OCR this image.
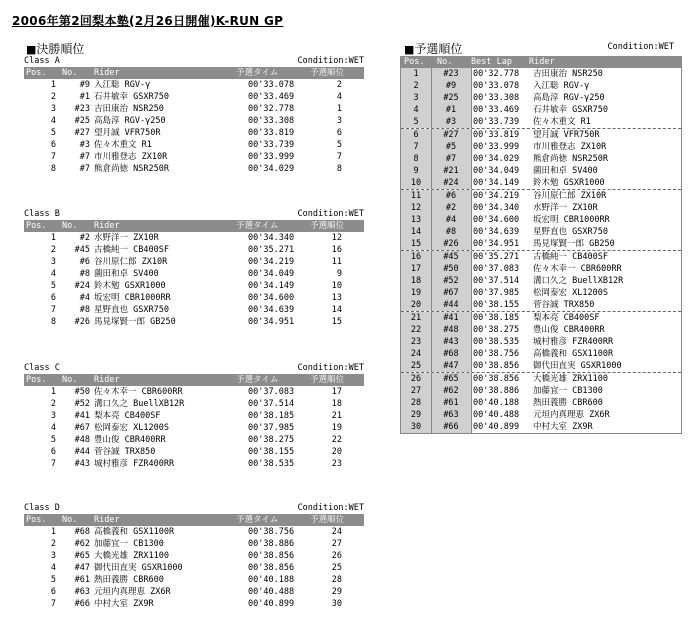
2006年第2回梨本塾(2月26日開催)K-RUN GP
■決勝順位	■予選順位	Condition:WET
Class A	Condition:WET
Pos.	No.	Rider	予選タイム	予選順位
1	#9 入江聡 RGV-γ	00'33.078	2
2	#1 石井敏幸 GSXR750	00'33.469	4
3	#23 吉田康治 NSR250	00'32.778	1
4	#25 高島淳 RGV-γ250	00'33.308	3
5	#27 望月誠 VFR750R	00'33.819	6
6	#3 佐々木重文 R1	00'33.739	5
7	#7 市川雅登志 ZX10R	00'33.999	7
8	#7 熊倉尚徳 NSR250R	00'34.029	8
Class B	Condition:WET
Pos.	No.	Rider	予選タイム	予選順位
1	#2 水野洋一 ZX10R	00'34.340	12
2	#45 古橋純一 CB400SF	00'35.271	16
3	#6 谷川原仁郎 ZX10R	00'34.219	11
4	#8 薗田和卓 SV400	00'34.049	9
5	#24 鈴木勉 GSXR1000	00'34.149	10
6	#4 坂宏明 CBR1000RR	00'34.600	13
7	#8 星野直也 GSXR750	00'34.639	14
8	#26 馬見塚賢一郎 GB250	00'34.951	15
Class C	Condition:WET
Pos.	No.	Rider	予選タイム	予選順位
1	#50 佐々木幸一 CBR600RR	00'37.083	17
2	#52 溝口久之 BuellXB12R	00'37.514	18
3	#41 梨本亮 CB400SF	00'38.185	21
4	#67 松岡泰宏 XL1200S	00'37.985	19
5	#48 豊山俊 CBR400RR	00'38.275	22
6	#44 菅谷誠 TRX850	00'38.155	20
7	#43 城村雅彦 FZR400RR	00'38.535	23
Class D	Condition:WET
Pos.	No.	Rider	予選タイム	予選順位
1	#68 高橋義和 GSX1100R	00'38.756	24
2	#62 加藤宜一 CB1300	00'38.886	27
3	#65 大橋光雄 ZRX1100	00'38.856	26
4	#47 御代田直実 GSXR1000	00'38.856	25
5	#61 熱田義勝 CBR600	00'40.188	28
6	#63 元垣内真理恵 ZX6R	00'40.488	29
7	#66 中村大室 ZX9R	00'40.899	30
Pos.	No.	Best Lap Rider
1	#23	00'32.778 吉田康治 NSR250
2	#9	00'33.078 入江聡 RGV-γ
3	#25	00'33.308 高島淳 RGV-γ250
4	#1	00'33.469 石井敏幸 GSXR750
5	#3	00'33.739 佐々木重文 R1
6	#27	00'33.819 望月誠 VFR750R
7	#5	00'33.999 市川雅登志 ZX10R
8	#7	00'34.029 熊倉尚徳 NSR250R
9	#21	00'34.049 薗田和卓 SV400
10	#24	00'34.149 鈴木勉 GSXR1000
11	#6	00'34.219 谷川原仁郎 ZX10R
12	#2	00'34.340 水野洋一 ZX10R
13	#4	00'34.600 坂宏明 CBR1000RR
14	#8	00'34.639 星野直也 GSXR750
15	#26	00'34.951 馬見塚賢一郎 GB250
16	#45	00'35.271 古橋純一 CB400SF
17	#50	00'37.083 佐々木幸一 CBR600RR
18	#52	00'37.514 溝口久之 BuellXB12R
19	#67	00'37.985 松岡泰宏 XL1200S
20	#44	00'38.155 菅谷誠 TRX850
21	#41	00'38.185 梨本亮 CB400SF
22	#48	00'38.275 豊山俊 CBR400RR
23	#43	00'38.535 城村雅彦 FZR400RR
24	#68	00'38.756 高橋義和 GSX1100R
25	#47	00'38.856 御代田直実 GSXR1000
26	#65	00'38.856 大橋光雄 ZRX1100
27	#62	00'38.886 加藤宜一 CB1300
28	#61	00'40.188 熱田義勝 CBR600
29	#63	00'40.488 元垣内真理恵 ZX6R
30	#66	00'40.899 中村大室 ZX9R
